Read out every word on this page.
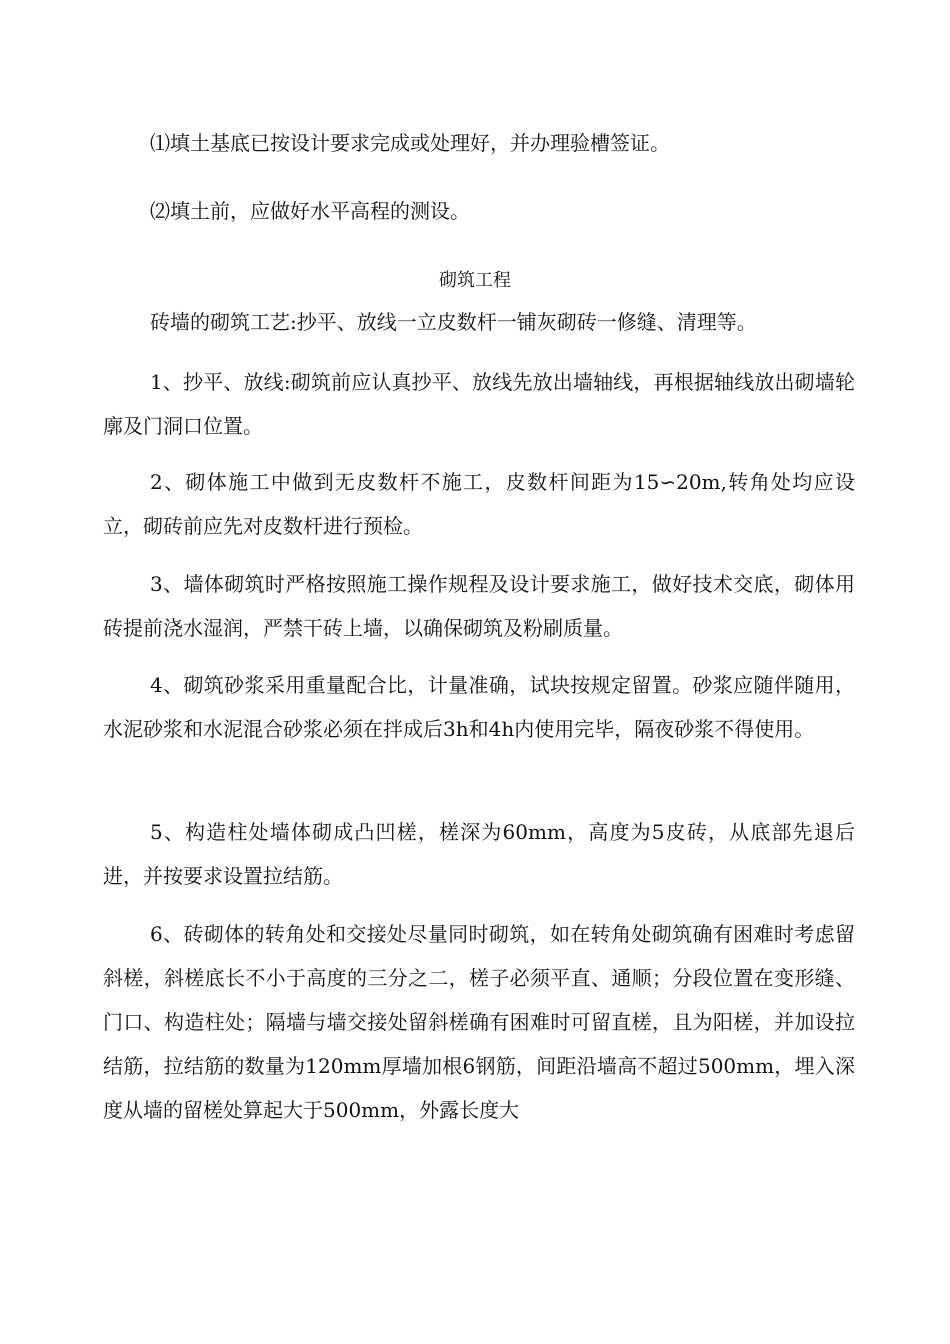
⑴填土基底已按设计要求完成或处理好，并办理验槽签证。

⑵填土前，应做好水平高程的测设。

砌筑工程

砖墙的砌筑工艺:抄平、放线一立皮数杆一铺灰砌砖一修缝、清理等。

1、抄平、放线:砌筑前应认真抄平、放线先放出墙轴线，再根据轴线放出砌墙轮廓及门洞口位置。

2、砌体施工中做到无皮数杆不施工，皮数杆间距为15∽20m,转角处均应设立，砌砖前应先对皮数杆进行预检。

3、墙体砌筑时严格按照施工操作规程及设计要求施工，做好技术交底，砌体用砖提前浇水湿润，严禁干砖上墙，以确保砌筑及粉刷质量。

4、砌筑砂浆采用重量配合比，计量准确，试块按规定留置。砂浆应随伴随用，水泥砂浆和水泥混合砂浆必须在拌成后3h和4h内使用完毕，隔夜砂浆不得使用。

5、构造柱处墙体砌成凸凹槎，槎深为60mm，高度为5皮砖，从底部先退后进，并按要求设置拉结筋。

6、砖砌体的转角处和交接处尽量同时砌筑，如在转角处砌筑确有困难时考虑留斜槎，斜槎底长不小于高度的三分之二，槎子必须平直、通顺；分段位置在变形缝、门口、构造柱处；隔墙与墙交接处留斜槎确有困难时可留直槎，且为阳槎，并加设拉结筋，拉结筋的数量为120mm厚墙加根6钢筋，间距沿墙高不超过500mm，埋入深度从墙的留槎处算起大于500mm，外露长度大
